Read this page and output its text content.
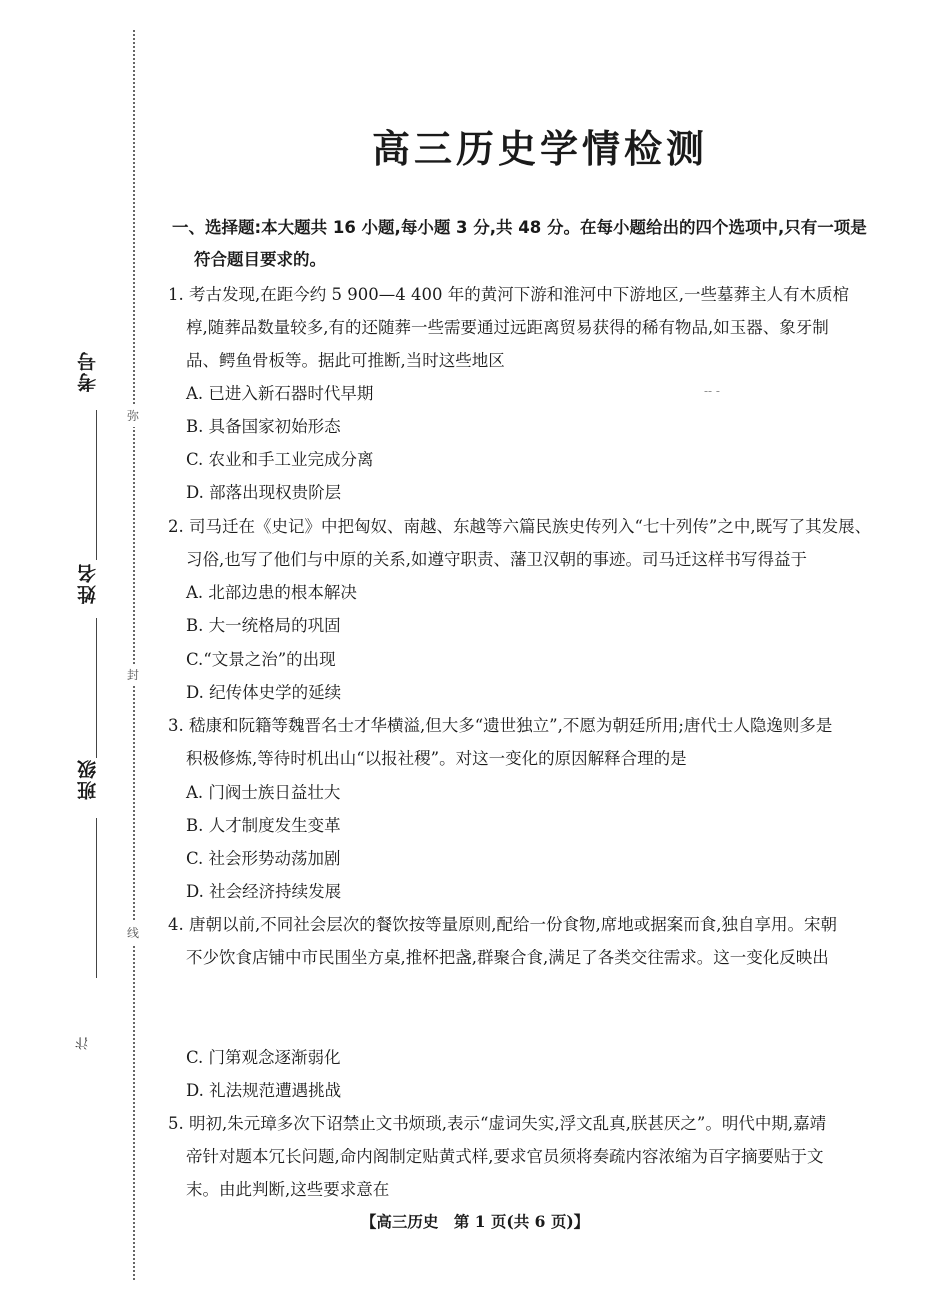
弥
封
线
考号
姓名
班级
汴
高三历史学情检测
一、选择题:本大题共 16 小题,每小题 3 分,共 48 分。在每小题给出的四个选项中,只有一项是
符合题目要求的。
1. 考古发现,在距今约 5 900—4 400 年的黄河下游和淮河中下游地区,一些墓葬主人有木质棺
椁,随葬品数量较多,有的还随葬一些需要通过远距离贸易获得的稀有物品,如玉器、象牙制
品、鳄鱼骨板等。据此可推断,当时这些地区
-- -
A. 已进入新石器时代早期
B. 具备国家初始形态
C. 农业和手工业完成分离
D. 部落出现权贵阶层
2. 司马迁在《史记》中把匈奴、南越、东越等六篇民族史传列入“七十列传”之中,既写了其发展、
习俗,也写了他们与中原的关系,如遵守职责、藩卫汉朝的事迹。司马迁这样书写得益于
A. 北部边患的根本解决
B. 大一统格局的巩固
C.“文景之治”的出现
D. 纪传体史学的延续
3. 嵇康和阮籍等魏晋名士才华横溢,但大多“遗世独立”,不愿为朝廷所用;唐代士人隐逸则多是
积极修炼,等待时机出山“以报社稷”。对这一变化的原因解释合理的是
A. 门阀士族日益壮大
B. 人才制度发生变革
C. 社会形势动荡加剧
D. 社会经济持续发展
4. 唐朝以前,不同社会层次的餐饮按等量原则,配给一份食物,席地或据案而食,独自享用。宋朝
不少饮食店铺中市民围坐方桌,推杯把盏,群聚合食,满足了各类交往需求。这一变化反映出
C. 门第观念逐渐弱化
D. 礼法规范遭遇挑战
5. 明初,朱元璋多次下诏禁止文书烦琐,表示“虚词失实,浮文乱真,朕甚厌之”。明代中期,嘉靖
帝针对题本冗长问题,命内阁制定贴黄式样,要求官员须将奏疏内容浓缩为百字摘要贴于文
末。由此判断,这些要求意在
【高三历史　第 1 页(共 6 页)】
